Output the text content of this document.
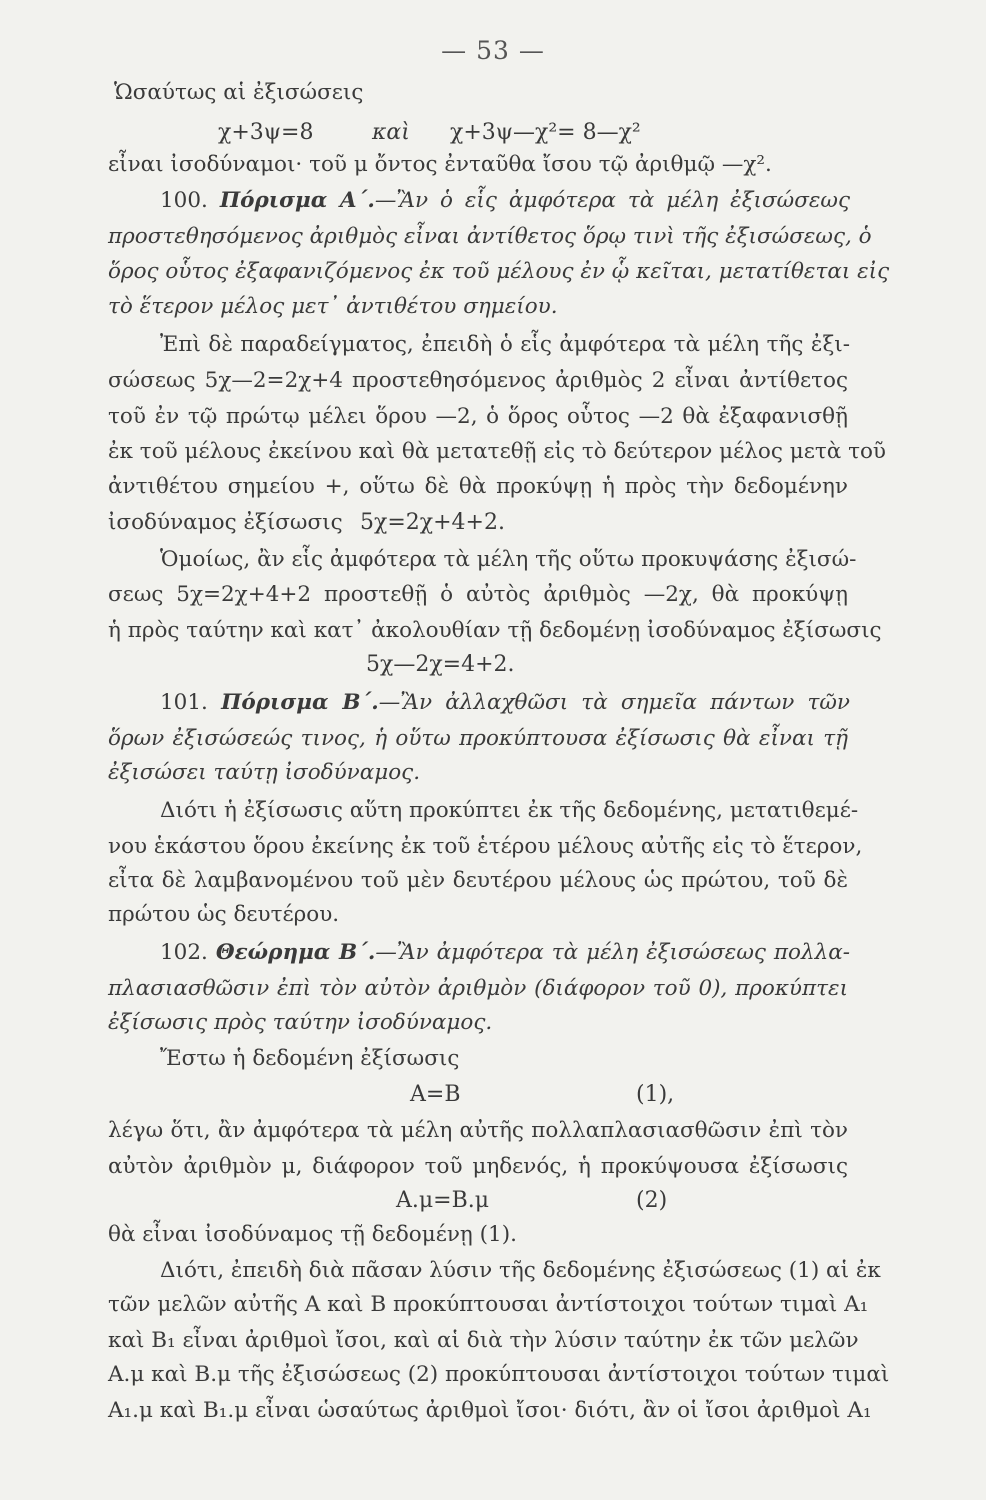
— 53 —
Ὡσαύτως αἱ ἐξισώσεις
χ+3ψ=8	καὶ χ+3ψ—χ²= 8—χ²
εἶναι ἰσοδύναμοι· τοῦ μ ὄντος ἐνταῦθα ἴσου τῷ ἀριθμῷ —χ².
100. Πόρισμα Α΄.—Ἂν ὁ εἷς ἀμφότερα τὰ μέλη ἐξισώσεως
προστεθησόμενος ἀριθμὸς εἶναι ἀντίθετος ὅρῳ τινὶ τῆς ἐξισώσεως, ὁ
ὅρος οὗτος ἐξαφανιζόμενος ἐκ τοῦ μέλους ἐν ᾧ κεῖται, μετατίθεται εἰς
τὸ ἕτερον μέλος μετ᾽ ἀντιθέτου σημείου.
Ἐπὶ δὲ παραδείγματος, ἐπειδὴ ὁ εἷς ἀμφότερα τὰ μέλη τῆς ἐξι-
σώσεως 5χ—2=2χ+4 προστεθησόμενος ἀριθμὸς 2 εἶναι ἀντίθετος
τοῦ ἐν τῷ πρώτῳ μέλει ὅρου —2, ὁ ὅρος οὗτος —2 θὰ ἐξαφανισθῇ
ἐκ τοῦ μέλους ἐκείνου καὶ θὰ μετατεθῇ εἰς τὸ δεύτερον μέλος μετὰ τοῦ
ἀντιθέτου σημείου +, οὕτω δὲ θὰ προκύψῃ ἡ πρὸς τὴν δεδομένην
ἰσοδύναμος ἐξίσωσις 5χ=2χ+4+2.
Ὁμοίως, ἂν εἷς ἀμφότερα τὰ μέλη τῆς οὕτω προκυψάσης ἐξισώ-
σεως 5χ=2χ+4+2 προστεθῇ ὁ αὐτὸς ἀριθμὸς —2χ, θὰ προκύψῃ
ἡ πρὸς ταύτην καὶ κατ᾽ ἀκολουθίαν τῇ δεδομένῃ ἰσοδύναμος ἐξίσωσις
5χ—2χ=4+2.
101. Πόρισμα Β΄.—Ἂν ἀλλαχθῶσι τὰ σημεῖα πάντων τῶν
ὅρων ἐξισώσεώς τινος, ἡ οὕτω προκύπτουσα ἐξίσωσις θὰ εἶναι τῇ
ἐξισώσει ταύτῃ ἰσοδύναμος.
Διότι ἡ ἐξίσωσις αὕτη προκύπτει ἐκ τῆς δεδομένης, μετατιθεμέ-
νου ἑκάστου ὅρου ἐκείνης ἐκ τοῦ ἑτέρου μέλους αὐτῆς εἰς τὸ ἕτερον,
εἶτα δὲ λαμβανομένου τοῦ μὲν δευτέρου μέλους ὡς πρώτου, τοῦ δὲ
πρώτου ὡς δευτέρου.
102. Θεώρημα Β΄.—Ἂν ἀμφότερα τὰ μέλη ἐξισώσεως πολλα-
πλασιασθῶσιν ἐπὶ τὸν αὐτὸν ἀριθμὸν (διάφορον τοῦ 0), προκύπτει
ἐξίσωσις πρὸς ταύτην ἰσοδύναμος.
Ἔστω ἡ δεδομένη ἐξίσωσις
Α=Β	(1),
λέγω ὅτι, ἂν ἀμφότερα τὰ μέλη αὐτῆς πολλαπλασιασθῶσιν ἐπὶ τὸν
αὐτὸν ἀριθμὸν μ, διάφορον τοῦ μηδενός, ἡ προκύψουσα ἐξίσωσις
Α.μ=Β.μ	(2)
θὰ εἶναι ἰσοδύναμος τῇ δεδομένῃ (1).
Διότι, ἐπειδὴ διὰ πᾶσαν λύσιν τῆς δεδομένης ἐξισώσεως (1) αἱ ἐκ
τῶν μελῶν αὐτῆς Α καὶ Β προκύπτουσαι ἀντίστοιχοι τούτων τιμαὶ Α₁
καὶ Β₁ εἶναι ἀριθμοὶ ἴσοι, καὶ αἱ διὰ τὴν λύσιν ταύτην ἐκ τῶν μελῶν
Α.μ καὶ Β.μ τῆς ἐξισώσεως (2) προκύπτουσαι ἀντίστοιχοι τούτων τιμαὶ
Α₁.μ καὶ Β₁.μ εἶναι ὡσαύτως ἀριθμοὶ ἴσοι· διότι, ἂν οἱ ἴσοι ἀριθμοὶ Α₁
